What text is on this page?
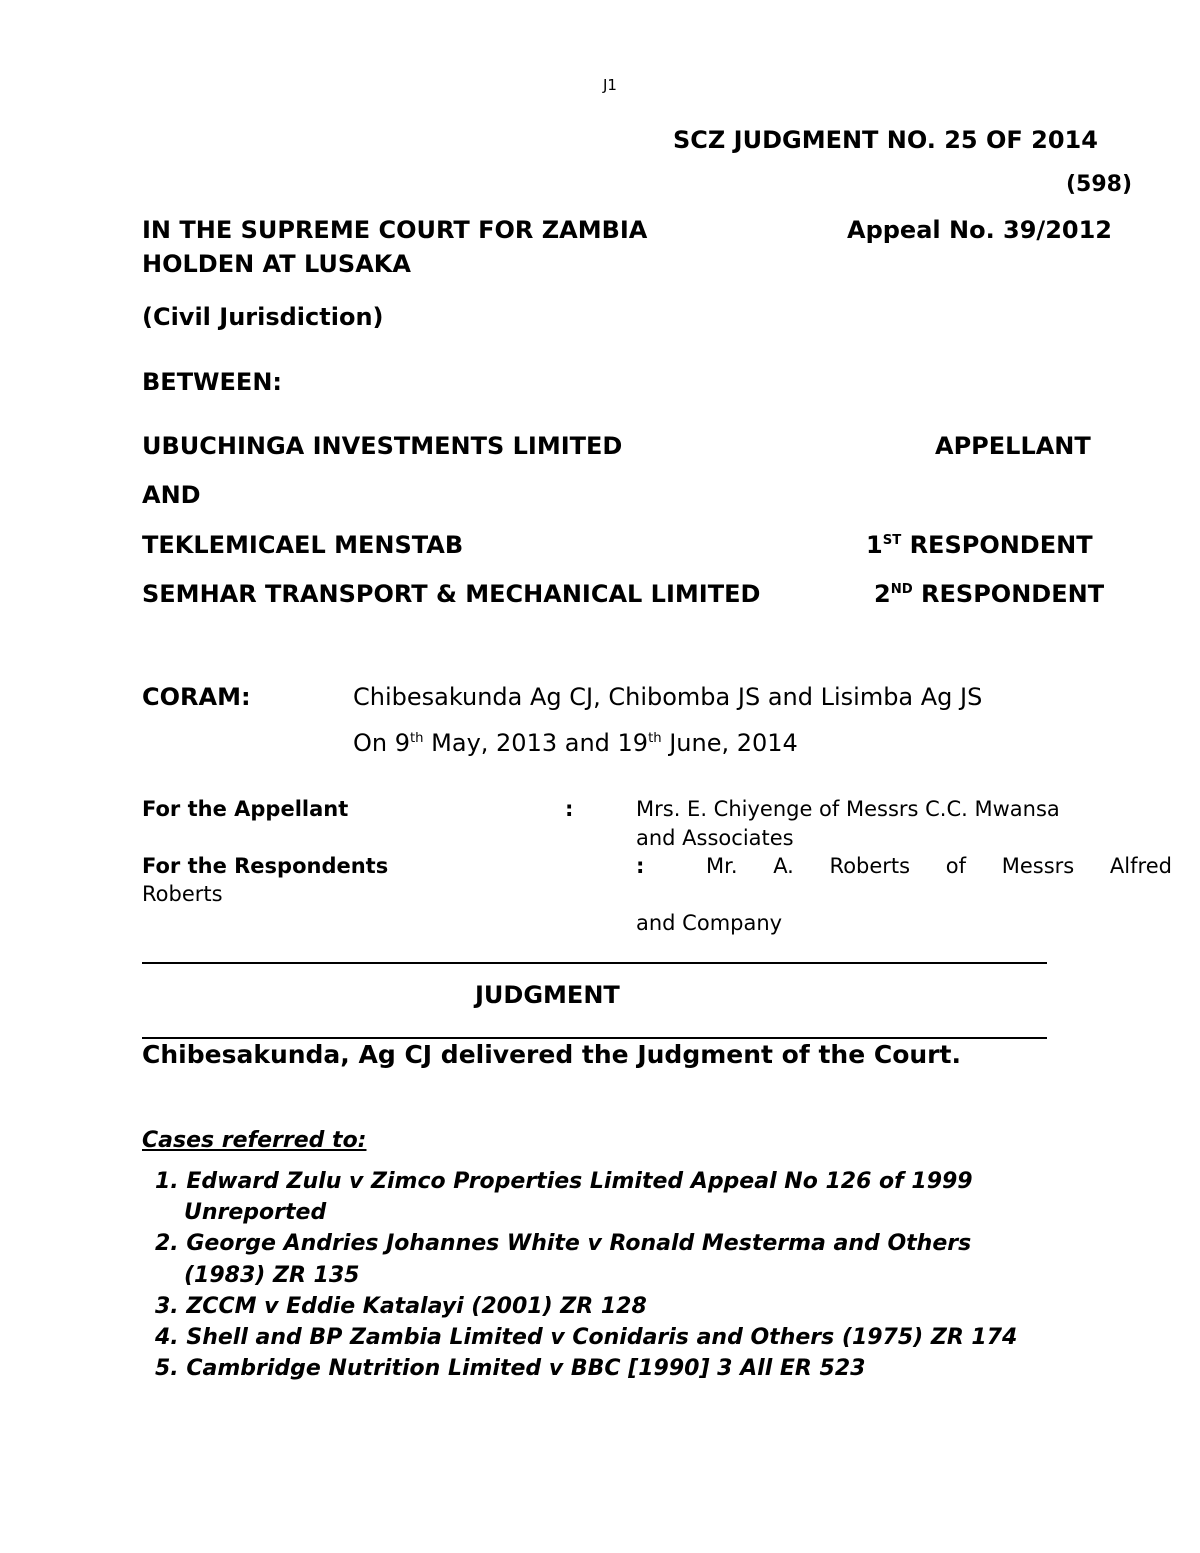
J1
SCZ JUDGMENT NO. 25 OF 2014
(598)
IN THE SUPREME COURT FOR ZAMBIA	Appeal No. 39/2012
HOLDEN AT LUSAKA
(Civil Jurisdiction)
BETWEEN:
UBUCHINGA INVESTMENTS LIMITED	APPELLANT
AND
TEKLEMICAEL MENSTAB	1ST RESPONDENT
SEMHAR TRANSPORT & MECHANICAL LIMITED	2ND RESPONDENT
CORAM:	Chibesakunda Ag CJ, Chibomba JS and Lisimba Ag JS
On 9th May, 2013 and 19th June, 2014
For the Appellant	:	Mrs. E. Chiyenge of Messrs C.C. Mwansa
and Associates
For the Respondents	:	Mr. A. Roberts of Messrs Alfred
Roberts
and Company
JUDGMENT
Chibesakunda, Ag CJ delivered the Judgment of the Court.
Cases referred to:
1. Edward Zulu v Zimco Properties Limited Appeal No 126 of 1999
Unreported
2. George Andries Johannes White v Ronald Mesterma and Others
(1983) ZR 135
3. ZCCM v Eddie Katalayi (2001) ZR 128
4. Shell and BP Zambia Limited v Conidaris and Others (1975) ZR 174
5. Cambridge Nutrition Limited v BBC [1990] 3 All ER 523
